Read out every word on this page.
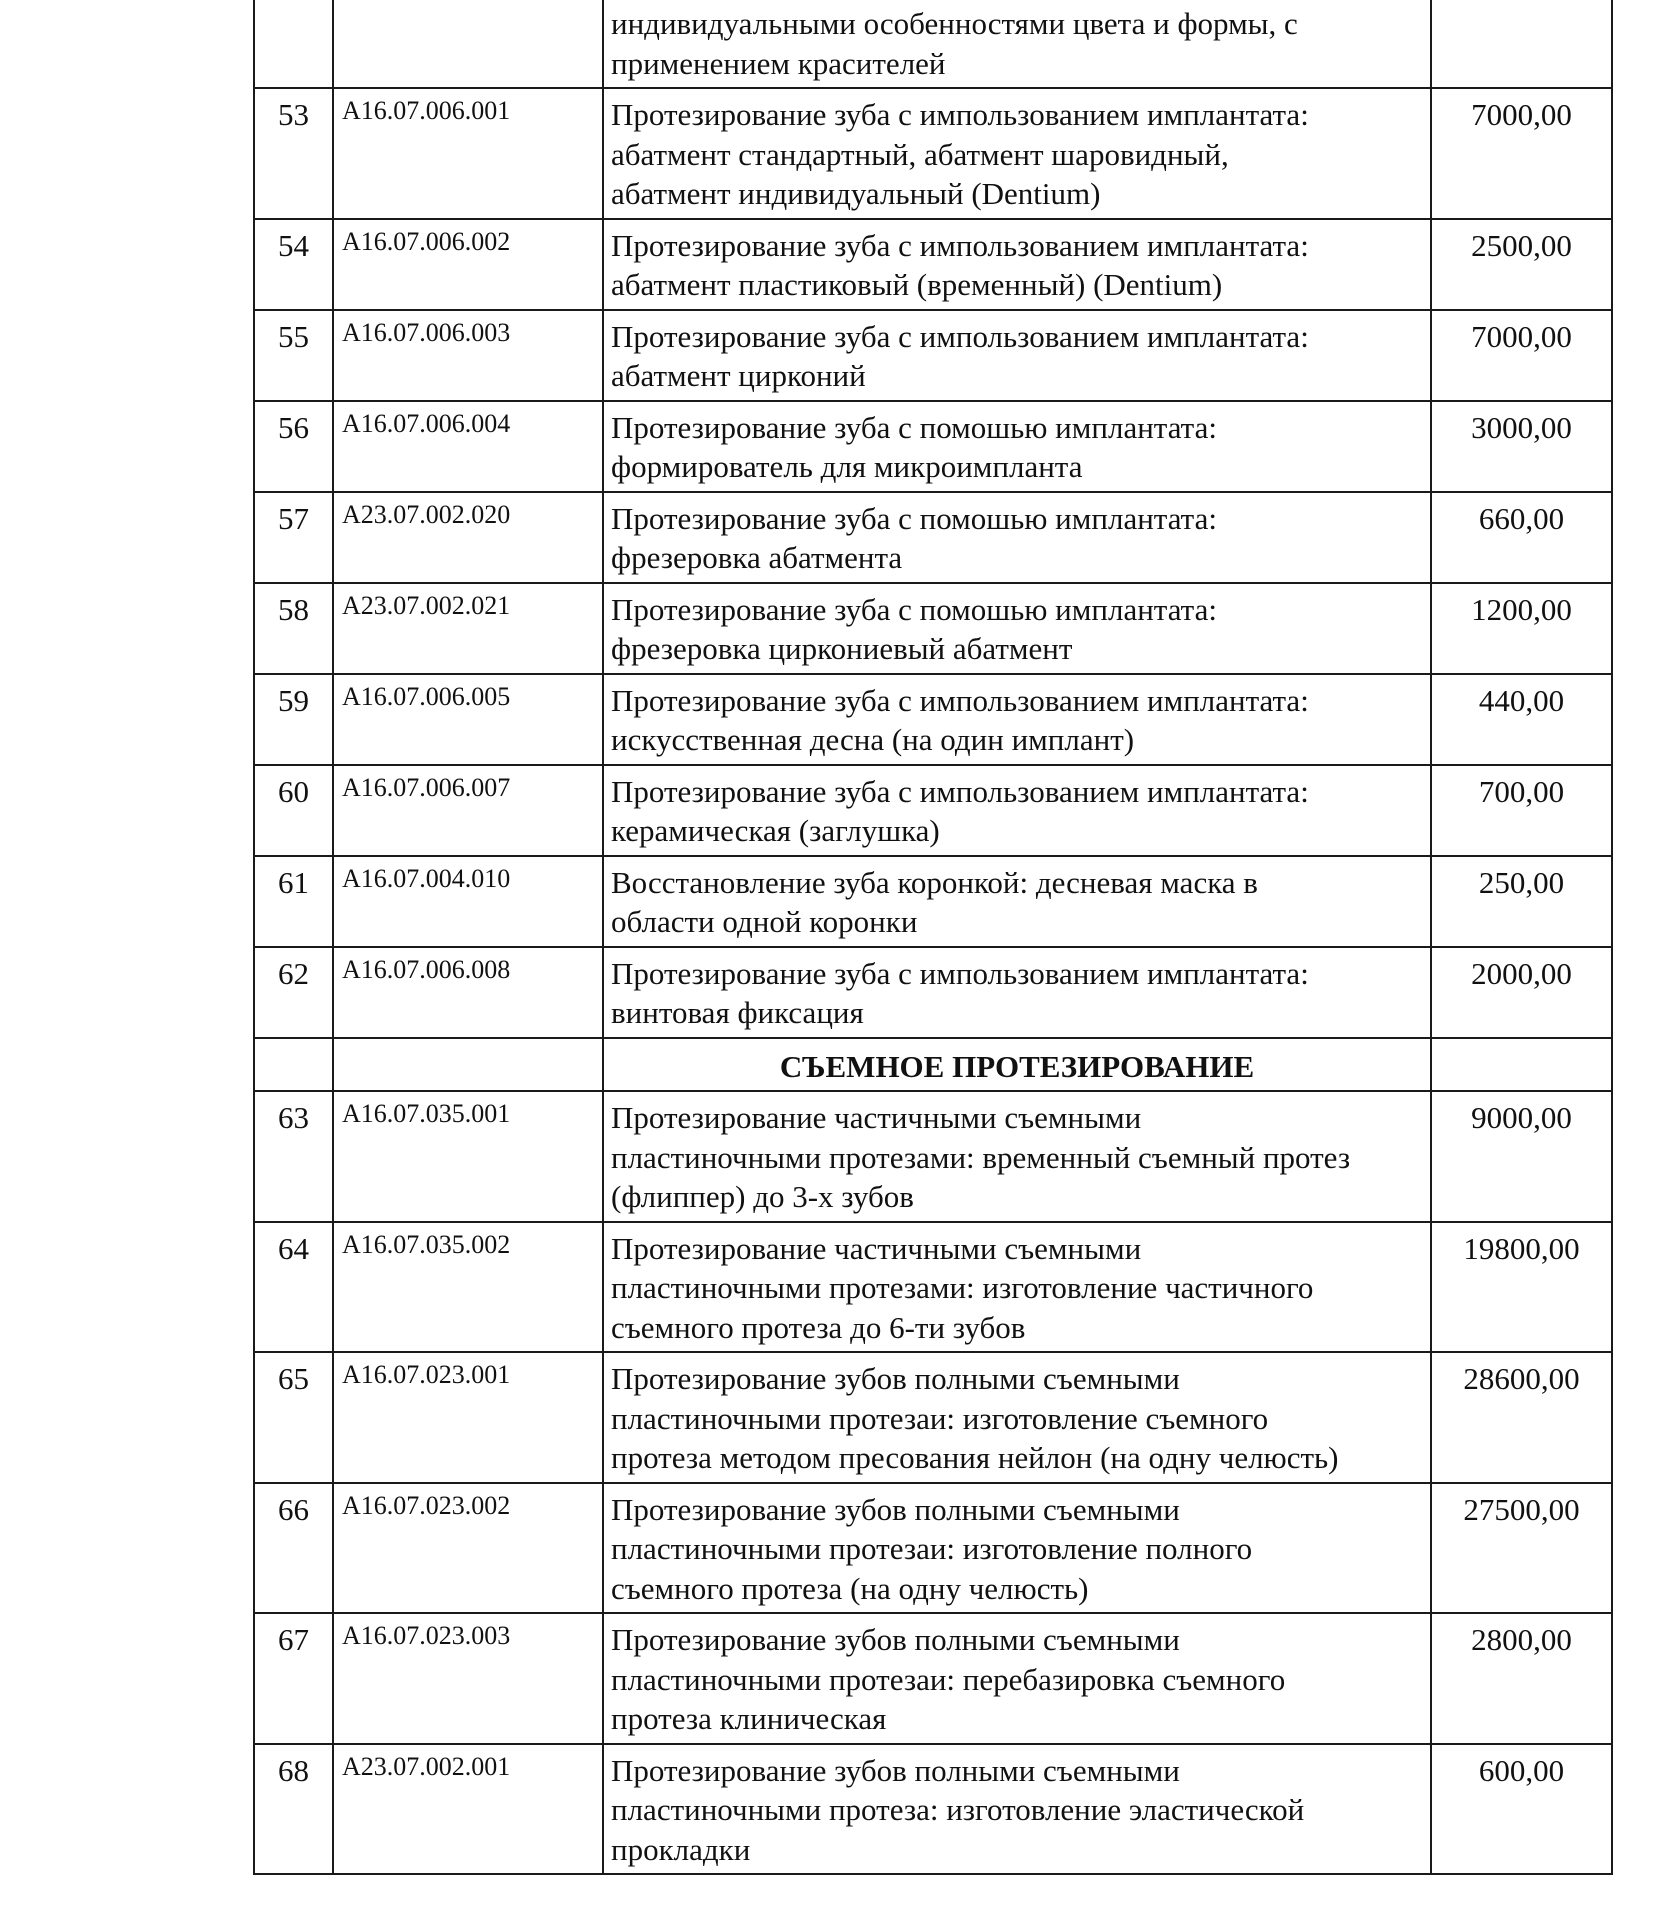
		индивидуальными особенностями цвета и формы, с
применением красителей	

53	A16.07.006.001	Протезирование зуба с импользованием имплантата:
абатмент стандартный, абатмент шаровидный,
абатмент индивидуальный (Dentium)	7000,00
54	A16.07.006.002	Протезирование зуба с импользованием имплантата:
абатмент пластиковый (временный) (Dentium)	2500,00
55	A16.07.006.003	Протезирование зуба с импользованием имплантата:
абатмент цирконий	7000,00
56	A16.07.006.004	Протезирование зуба с помошью имплантата:
формирователь для микроимпланта	3000,00
57	A23.07.002.020	Протезирование зуба с помошью имплантата:
фрезеровка абатмента	660,00
58	A23.07.002.021	Протезирование зуба с помошью имплантата:
фрезеровка циркониевый абатмент	1200,00
59	A16.07.006.005	Протезирование зуба с импользованием имплантата:
искусственная десна (на один имплант)	440,00
60	A16.07.006.007	Протезирование зуба с импользованием имплантата:
керамическая (заглушка)	700,00
61	A16.07.004.010	Восстановление зуба коронкой: десневая маска в
области одной коронки	250,00
62	A16.07.006.008	Протезирование зуба с импользованием имплантата:
винтовая фиксация	2000,00
		СЪЕМНОЕ ПРОТЕЗИРОВАНИЕ	
63	A16.07.035.001	Протезирование частичными съемными
пластиночными протезами: временный съемный протез
(флиппер) до 3-х зубов	9000,00
64	A16.07.035.002	Протезирование частичными съемными
пластиночными протезами: изготовление частичного
съемного протеза до 6-ти зубов	19800,00
65	A16.07.023.001	Протезирование зубов полными съемными
пластиночными протезаи: изготовление съемного
протеза методом пресования нейлон (на одну челюсть)	28600,00
66	A16.07.023.002	Протезирование зубов полными съемными
пластиночными протезаи: изготовление полного
съемного протеза (на одну челюсть)	27500,00
67	A16.07.023.003	Протезирование зубов полными съемными
пластиночными протезаи: перебазировка съемного
протеза клиническая	2800,00
68	A23.07.002.001	Протезирование зубов полными съемными
пластиночными протеза: изготовление эластической
прокладки	600,00
